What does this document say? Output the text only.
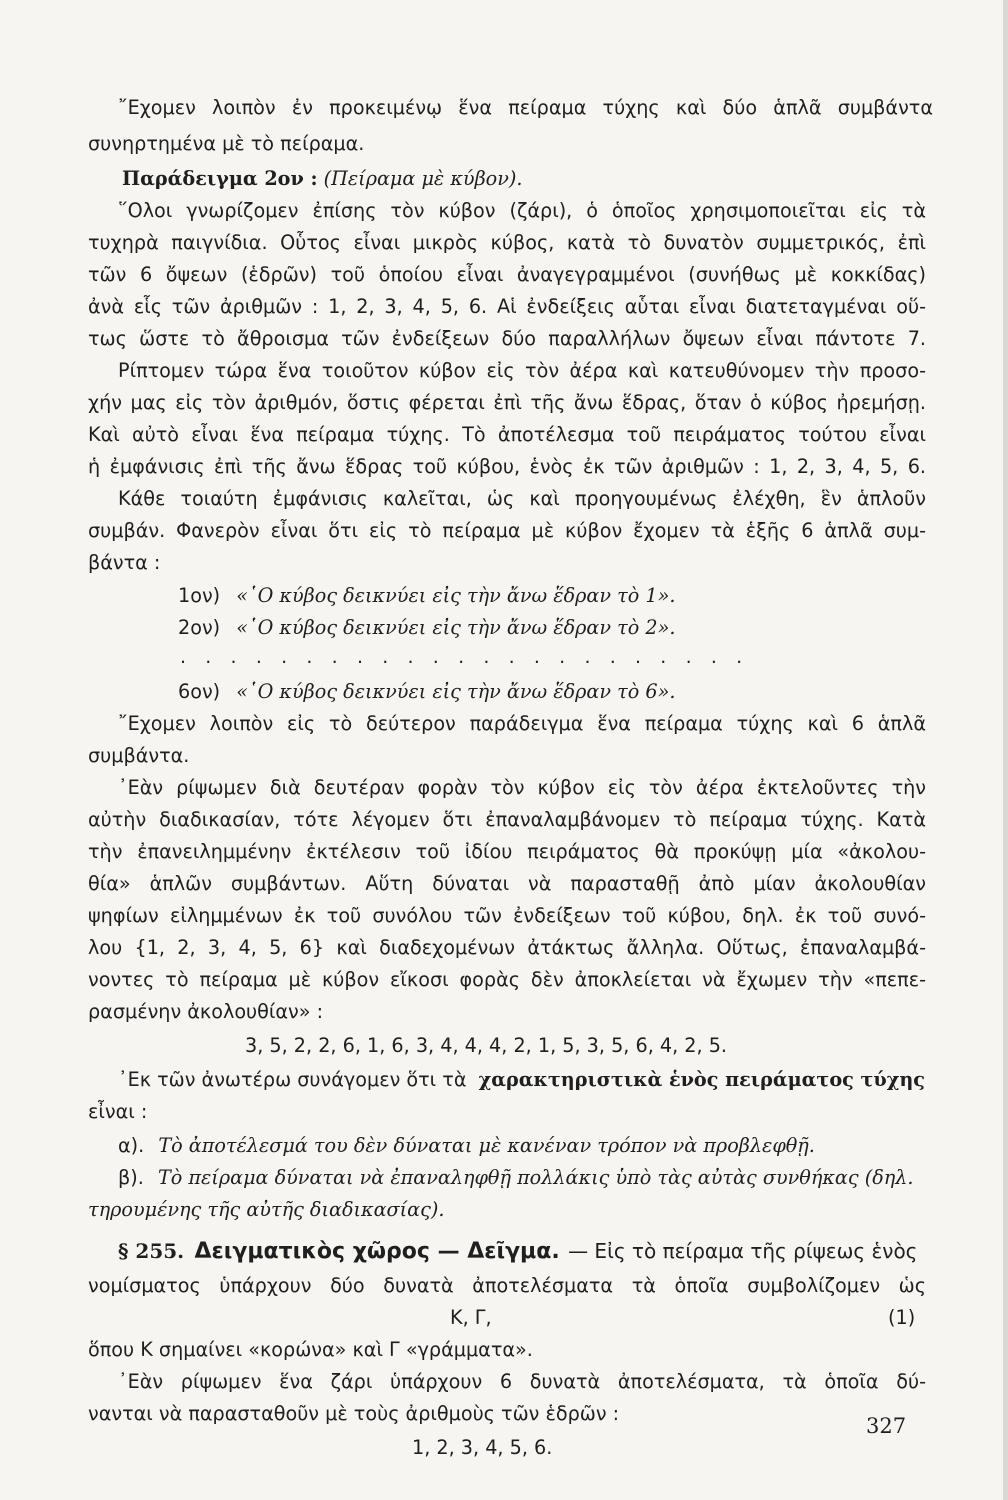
῎Εχομεν λοιπὸν ἐν προκειμένῳ ἕνα πείραμα τύχης καὶ δύο ἁπλᾶ συμβάντα
συνηρτημένα μὲ τὸ πείραμα.
Παράδειγμα 2ον : (Πείραμα μὲ κύβον).
῞Ολοι γνωρίζομεν ἐπίσης τὸν κύβον (ζάρι), ὁ ὁποῖος χρησιμοποιεῖται εἰς τὰ
τυχηρὰ παιγνίδια. Οὗτος εἶναι μικρὸς κύβος, κατὰ τὸ δυνατὸν συμμετρικός, ἐπὶ
τῶν 6 ὄψεων (ἑδρῶν) τοῦ ὁποίου εἶναι ἀναγεγραμμένοι (συνήθως μὲ κοκκίδας)
ἀνὰ εἷς τῶν ἀριθμῶν : 1, 2, 3, 4, 5, 6. Αἱ ἐνδείξεις αὗται εἶναι διατεταγμέναι οὕ-
τως ὥστε τὸ ἄθροισμα τῶν ἐνδείξεων δύο παραλλήλων ὄψεων εἶναι πάντοτε 7.
Ρίπτομεν τώρα ἕνα τοιοῦτον κύβον εἰς τὸν ἀέρα καὶ κατευθύνομεν τὴν προσο-
χήν μας εἰς τὸν ἀριθμόν, ὅστις φέρεται ἐπὶ τῆς ἄνω ἕδρας, ὅταν ὁ κύβος ἠρεμήσῃ.
Καὶ αὐτὸ εἶναι ἕνα πείραμα τύχης. Τὸ ἀποτέλεσμα τοῦ πειράματος τούτου εἶναι
ἡ ἐμφάνισις ἐπὶ τῆς ἄνω ἕδρας τοῦ κύβου, ἑνὸς ἐκ τῶν ἀριθμῶν : 1, 2, 3, 4, 5, 6.
Κάθε τοιαύτη ἐμφάνισις καλεῖται, ὡς καὶ προηγουμένως ἐλέχθη, ἓν ἁπλοῦν
συμβάν. Φανερὸν εἶναι ὅτι εἰς τὸ πείραμα μὲ κύβον ἔχομεν τὰ ἑξῆς 6 ἁπλᾶ συμ-
βάντα :
1ον) «῾Ο κύβος δεικνύει εἰς τὴν ἄνω ἕδραν τὸ 1».
2ον) «῾Ο κύβος δεικνύει εἰς τὴν ἄνω ἕδραν τὸ 2».
. . . . . . . . . . . . . . . . . . . . . . .
6ον) «῾Ο κύβος δεικνύει εἰς τὴν ἄνω ἕδραν τὸ 6».
῎Εχομεν λοιπὸν εἰς τὸ δεύτερον παράδειγμα ἕνα πείραμα τύχης καὶ 6 ἁπλᾶ
συμβάντα.
᾿Εὰν ρίψωμεν διὰ δευτέραν φορὰν τὸν κύβον εἰς τὸν ἀέρα ἐκτελοῦντες τὴν
αὐτὴν διαδικασίαν, τότε λέγομεν ὅτι ἐπαναλαμβάνομεν τὸ πείραμα τύχης. Κατὰ
τὴν ἐπανειλημμένην ἐκτέλεσιν τοῦ ἰδίου πειράματος θὰ προκύψῃ μία «ἀκολου-
θία» ἁπλῶν συμβάντων. Αὕτη δύναται νὰ παρασταθῇ ἀπὸ μίαν ἀκολουθίαν
ψηφίων εἰλημμένων ἐκ τοῦ συνόλου τῶν ἐνδείξεων τοῦ κύβου, δηλ. ἐκ τοῦ συνό-
λου {1, 2, 3, 4, 5, 6} καὶ διαδεχομένων ἀτάκτως ἄλληλα. Οὕτως, ἐπαναλαμβά-
νοντες τὸ πείραμα μὲ κύβον εἴκοσι φορὰς δὲν ἀποκλείεται νὰ ἔχωμεν τὴν «πεπε-
ρασμένην ἀκολουθίαν» :
3, 5, 2, 2, 6, 1, 6, 3, 4, 4, 4, 2, 1, 5, 3, 5, 6, 4, 2, 5.
᾿Εκ τῶν ἀνωτέρω συνάγομεν ὅτι τὰ χαρακτηριστικὰ ἑνὸς πειράματος τύχης
εἶναι :
α). Τὸ ἀποτέλεσμά του δὲν δύναται μὲ κανέναν τρόπον νὰ προβλεφθῇ.
β). Τὸ πείραμα δύναται νὰ ἐπαναληφθῇ πολλάκις ὑπὸ τὰς αὐτὰς συνθήκας (δηλ.
τηρουμένης τῆς αὐτῆς διαδικασίας).
§ 255. Δειγματικὸς χῶρος — Δεῖγμα. — Εἰς τὸ πείραμα τῆς ρίψεως ἑνὸς
νομίσματος ὑπάρχουν δύο δυνατὰ ἀποτελέσματα τὰ ὁποῖα συμβολίζομεν ὡς
Κ, Γ,	(1)
ὅπου Κ σημαίνει «κορώνα» καὶ Γ «γράμματα».
᾿Εὰν ρίψωμεν ἕνα ζάρι ὑπάρχουν 6 δυνατὰ ἀποτελέσματα, τὰ ὁποῖα δύ-
νανται νὰ παρασταθοῦν μὲ τοὺς ἀριθμοὺς τῶν ἑδρῶν :
1, 2, 3, 4, 5, 6.
327
